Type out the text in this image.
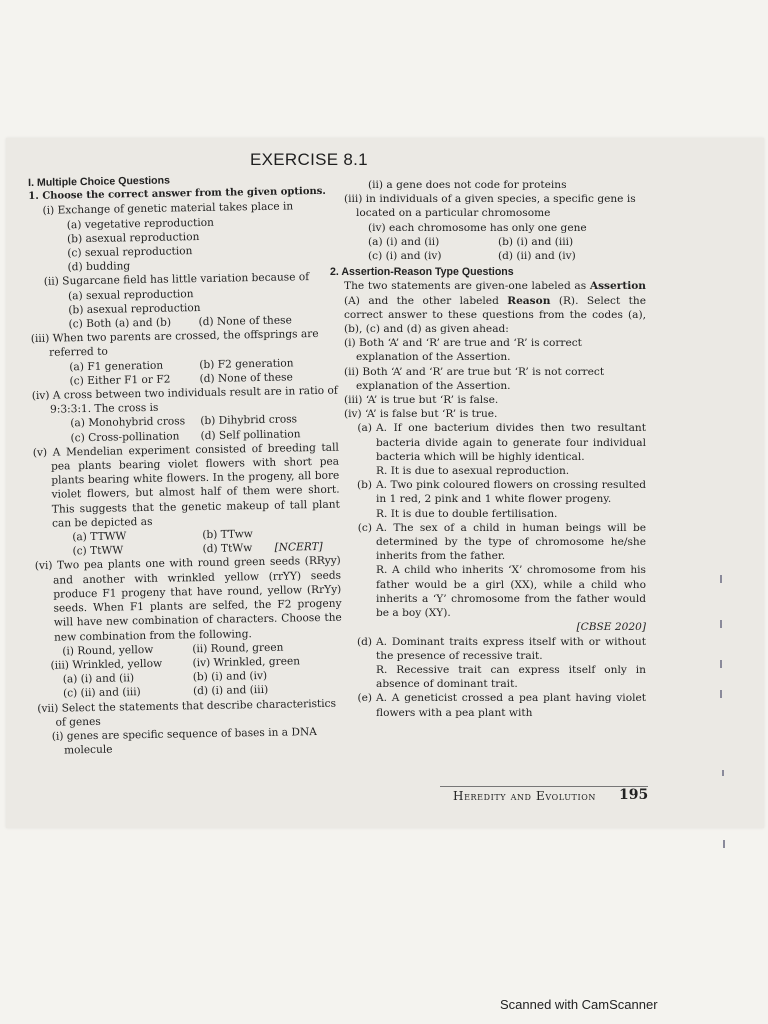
EXERCISE 8.1

I. Multiple Choice Questions

1. Choose the correct answer from the given options.

(i) Exchange of genetic material takes place in

(a) vegetative reproduction

(b) asexual reproduction

(c) sexual reproduction

(d) budding

(ii) Sugarcane field has little variation because of

(a) sexual reproduction

(b) asexual reproduction

(c) Both (a) and (b)	(d) None of these

(iii) When two parents are crossed, the offsprings are referred to

(a) F1 generation	(b) F2 generation
(c) Either F1 or F2	(d) None of these

(iv) A cross between two individuals result are in ratio of 9:3:3:1. The cross is

(a) Monohybrid cross	(b) Dihybrid cross
(c) Cross-pollination	(d) Self pollination

(v) A Mendelian experiment consisted of breeding tall pea plants bearing violet flowers with short pea plants bearing white flowers. In the progeny, all bore violet flowers, but almost half of them were short. This suggests that the genetic makeup of tall plant can be depicted as

(a) TTWW	(b) TTww
(c) TtWW	(d) TtWw	[NCERT]

(vi) Two pea plants one with round green seeds (RRyy) and another with wrinkled yellow (rrYY) seeds produce F1 progeny that have round, yellow (RrYy) seeds. When F1 plants are selfed, the F2 progeny will have new combination of characters. Choose the new combination from the following.

(i) Round, yellow	(ii) Round, green
(iii) Wrinkled, yellow	(iv) Wrinkled, green
(a) (i) and (ii)	(b) (i) and (iv)
(c) (ii) and (iii)	(d) (i) and (iii)

(vii) Select the statements that describe characteristics of genes

(i) genes are specific sequence of bases in a DNA molecule

(ii) a gene does not code for proteins

(iii) in individuals of a given species, a specific gene is located on a particular chromosome

(iv) each chromosome has only one gene

(a) (i) and (ii)	(b) (i) and (iii)
(c) (i) and (iv)	(d) (ii) and (iv)

2. Assertion-Reason Type Questions

The two statements are given-one labeled as Assertion (A) and the other labeled Reason (R). Select the correct answer to these questions from the codes (a), (b), (c) and (d) as given ahead:

(i) Both ‘A’ and ‘R’ are true and ‘R’ is correct explanation of the Assertion.

(ii) Both ‘A’ and ‘R’ are true but ‘R’ is not correct explanation of the Assertion.

(iii) ‘A’ is true but ‘R’ is false.

(iv) ‘A’ is false but ‘R’ is true.

(a) A. If one bacterium divides then two resultant bacteria divide again to generate four individual bacteria which will be highly identical.
R. It is due to asexual reproduction.
(b) A. Two pink coloured flowers on crossing resulted in 1 red, 2 pink and 1 white flower progeny.
R. It is due to double fertilisation.
(c) A. The sex of a child in human beings will be determined by the type of chromosome he/she inherits from the father.
R. A child who inherits ‘X’ chromosome from his father would be a girl (XX), while a child who inherits a ‘Y’ chromosome from the father would be a boy (XY).

[CBSE 2020]

(d) A. Dominant traits express itself with or without the presence of recessive trait.
R. Recessive trait can express itself only in absence of dominant trait.
(e) A. A geneticist crossed a pea plant having violet flowers with a pea plant with
Heredity and Evolution 195
Scanned with CamScanner
